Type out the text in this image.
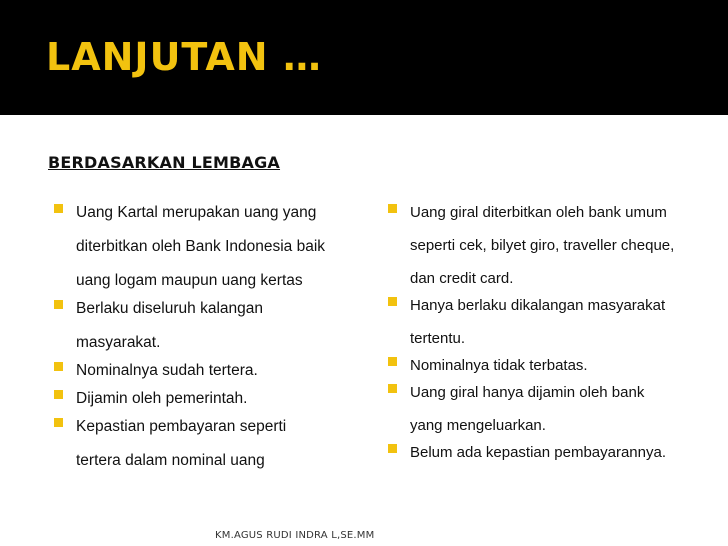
LANJUTAN …
BERDASARKAN LEMBAGA
Uang Kartal merupakan uang yang diterbitkan oleh Bank Indonesia baik uang logam maupun uang kertas
Berlaku diseluruh kalangan masyarakat.
Nominalnya sudah tertera.
Dijamin oleh pemerintah.
Kepastian pembayaran seperti tertera dalam nominal uang
Uang giral diterbitkan oleh bank umum seperti cek, bilyet giro, traveller cheque, dan credit card.
Hanya berlaku dikalangan masyarakat tertentu.
Nominalnya tidak terbatas.
Uang giral hanya dijamin oleh bank yang mengeluarkan.
Belum ada kepastian pembayarannya.
KM.AGUS RUDI INDRA L,SE.MM
